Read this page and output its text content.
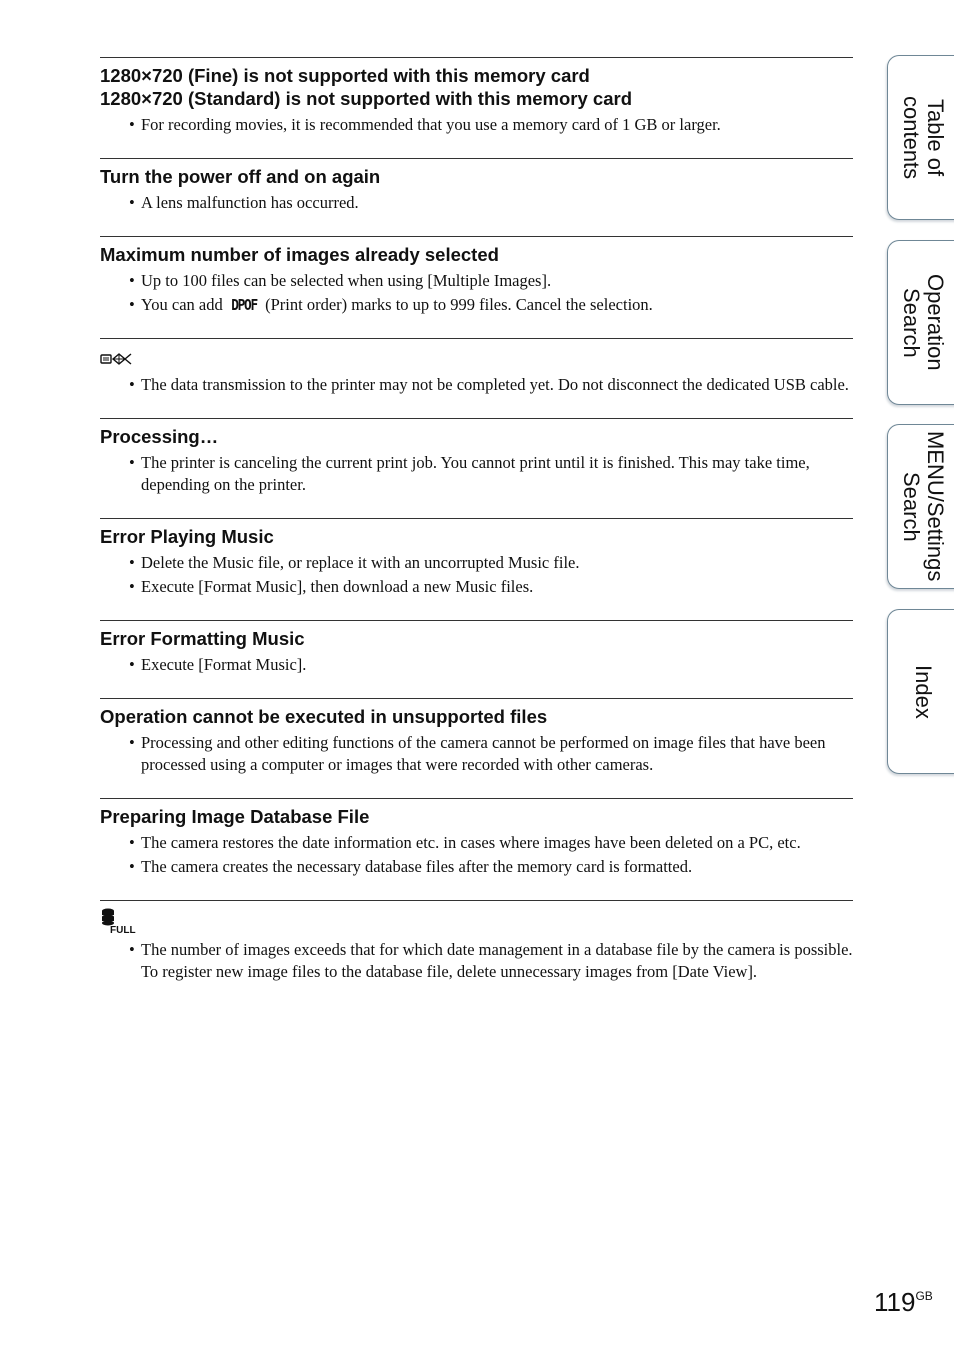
1280×720 (Fine) is not supported with this memory card

1280×720 (Standard) is not supported with this memory card

• For recording movies, it is recommended that you use a memory card of 1 GB or larger.

Turn the power off and on again

• A lens malfunction has occurred.

Maximum number of images already selected

• Up to 100 files can be selected when using [Multiple Images].
• You can add DPOF (Print order) marks to up to 999 files. Cancel the selection.
• The data transmission to the printer may not be completed yet. Do not disconnect the dedicated USB cable.

Processing…

• The printer is canceling the current print job. You cannot print until it is finished. This may take time, depending on the printer.

Error Playing Music

• Delete the Music file, or replace it with an uncorrupted Music file.
• Execute [Format Music], then download a new Music files.

Error Formatting Music

• Execute [Format Music].

Operation cannot be executed in unsupported files

• Processing and other editing functions of the camera cannot be performed on image files that have been processed using a computer or images that were recorded with other cameras.

Preparing Image Database File

• The camera restores the date information etc. in cases where images have been deleted on a PC, etc.
• The camera creates the necessary database files after the memory card is formatted.
FULL
• The number of images exceeds that for which date management in a database file by the camera is possible. To register new image files to the database file, delete unnecessary images from [Date View].
Table of
contents
Operation
Search
MENU/Settings
Search
Index
$119^{GB}$
